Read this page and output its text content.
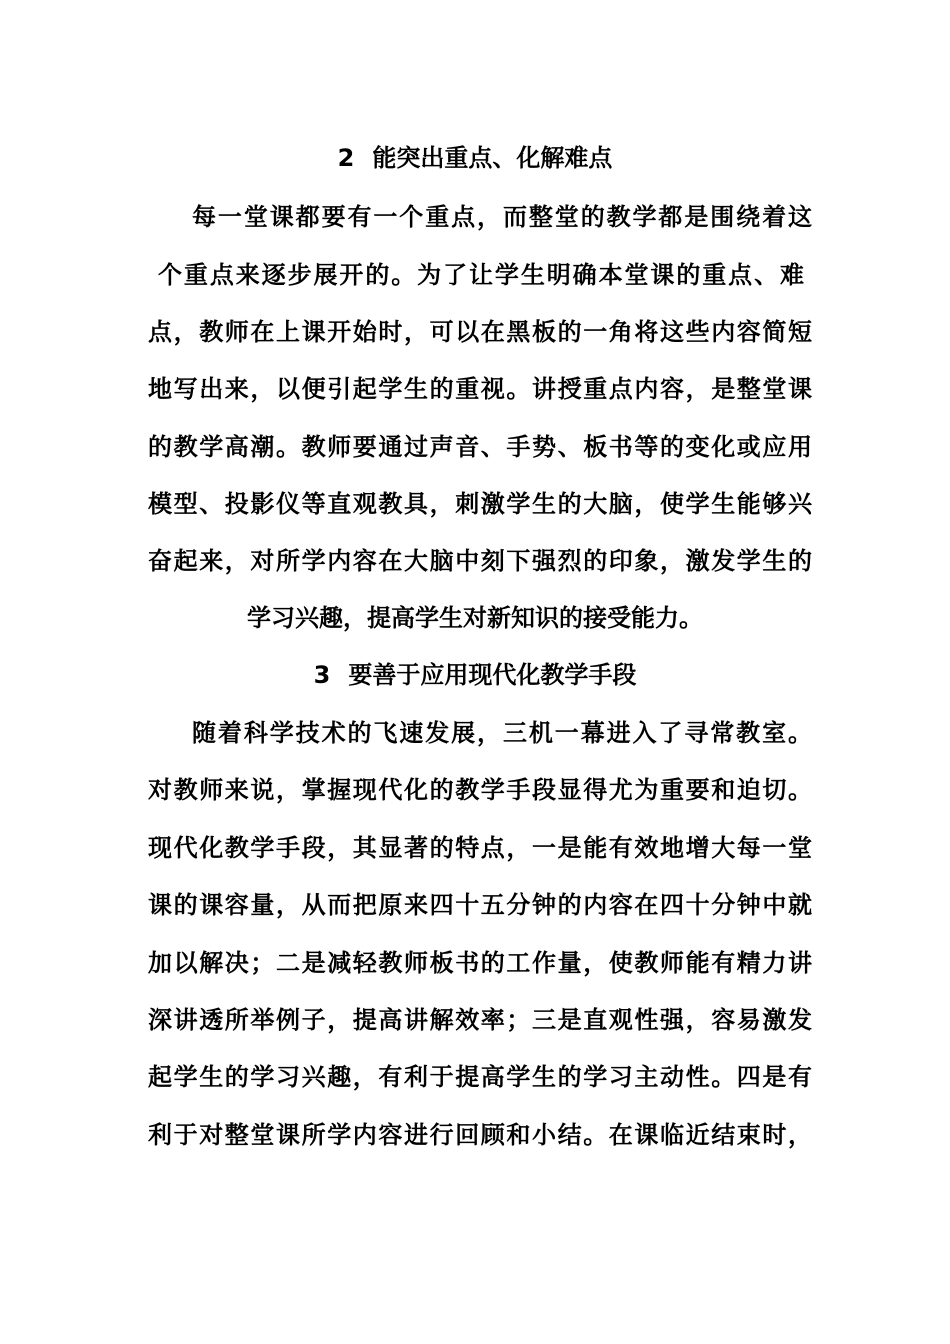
2 能突出重点、化解难点
每一堂课都要有一个重点，而整堂的教学都是围绕着这
个重点来逐步展开的。为了让学生明确本堂课的重点、难
点，教师在上课开始时，可以在黑板的一角将这些内容简短
地写出来，以便引起学生的重视。讲授重点内容，是整堂课
的教学高潮。教师要通过声音、手势、板书等的变化或应用
模型、投影仪等直观教具，刺激学生的大脑，使学生能够兴
奋起来，对所学内容在大脑中刻下强烈的印象，激发学生的
学习兴趣，提高学生对新知识的接受能力。
3 要善于应用现代化教学手段
随着科学技术的飞速发展，三机一幕进入了寻常教室。
对教师来说，掌握现代化的教学手段显得尤为重要和迫切。
现代化教学手段，其显著的特点，一是能有效地增大每一堂
课的课容量，从而把原来四十五分钟的内容在四十分钟中就
加以解决；二是减轻教师板书的工作量，使教师能有精力讲
深讲透所举例子，提高讲解效率；三是直观性强，容易激发
起学生的学习兴趣，有利于提高学生的学习主动性。四是有
利于对整堂课所学内容进行回顾和小结。在课临近结束时，
